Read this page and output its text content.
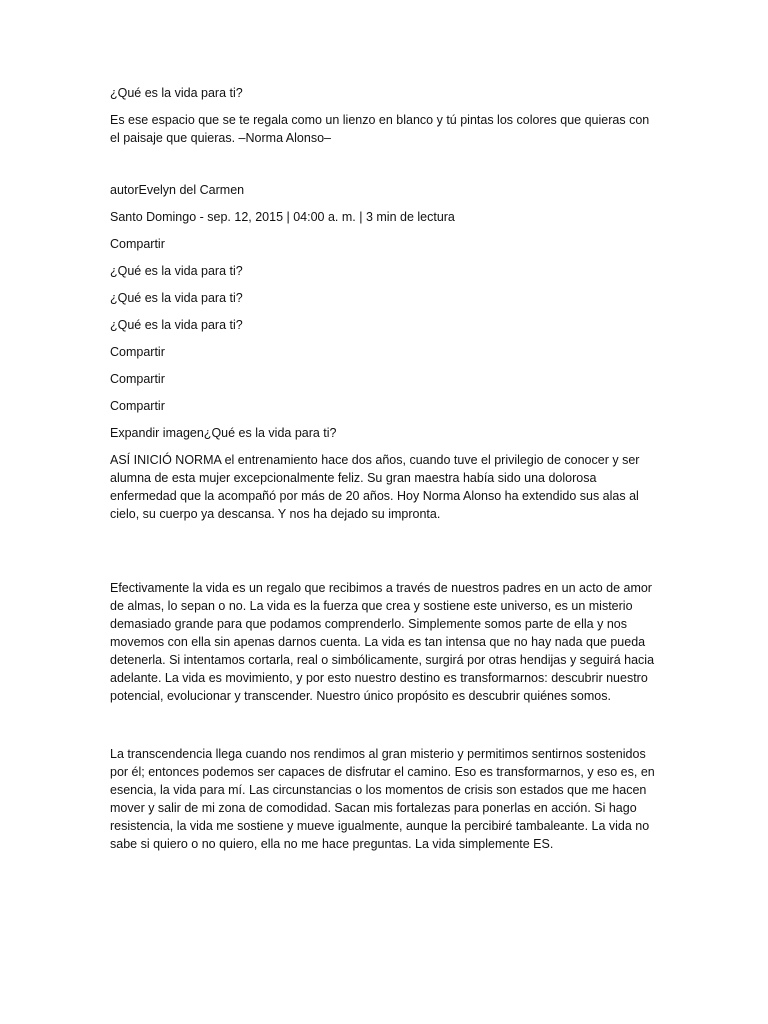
¿Qué es la vida para ti?

Es ese espacio que se te regala como un lienzo en blanco y tú pintas los colores que quieras con el paisaje que quieras. –Norma Alonso–

autorEvelyn del Carmen

Santo Domingo - sep. 12, 2015 | 04:00 a. m. | 3 min de lectura

Compartir

¿Qué es la vida para ti?

¿Qué es la vida para ti?

¿Qué es la vida para ti?

Compartir

Compartir

Compartir

Expandir imagen¿Qué es la vida para ti?

ASÍ INICIÓ NORMA el entrenamiento hace dos años, cuando tuve el privilegio de conocer y ser alumna de esta mujer excepcionalmente feliz. Su gran maestra había sido una dolorosa enfermedad que la acompañó por más de 20 años. Hoy Norma Alonso ha extendido sus alas al cielo, su cuerpo ya descansa. Y nos ha dejado su impronta.

Efectivamente la vida es un regalo que recibimos a través de nuestros padres en un acto de amor de almas, lo sepan o no. La vida es la fuerza que crea y sostiene este universo, es un misterio demasiado grande para que podamos comprenderlo. Simplemente somos parte de ella y nos movemos con ella sin apenas darnos cuenta. La vida es tan intensa que no hay nada que pueda detenerla. Si intentamos cortarla, real o simbólicamente, surgirá por otras hendijas y seguirá hacia adelante. La vida es movimiento, y por esto nuestro destino es transformarnos: descubrir nuestro potencial, evolucionar y transcender. Nuestro único propósito es descubrir quiénes somos.

La transcendencia llega cuando nos rendimos al gran misterio y permitimos sentirnos sostenidos por él; entonces podemos ser capaces de disfrutar el camino. Eso es transformarnos, y eso es, en esencia, la vida para mí. Las circunstancias o los momentos de crisis son estados que me hacen mover y salir de mi zona de comodidad. Sacan mis fortalezas para ponerlas en acción. Si hago resistencia, la vida me sostiene y mueve igualmente, aunque la percibiré tambaleante. La vida no sabe si quiero o no quiero, ella no me hace preguntas. La vida simplemente ES.
